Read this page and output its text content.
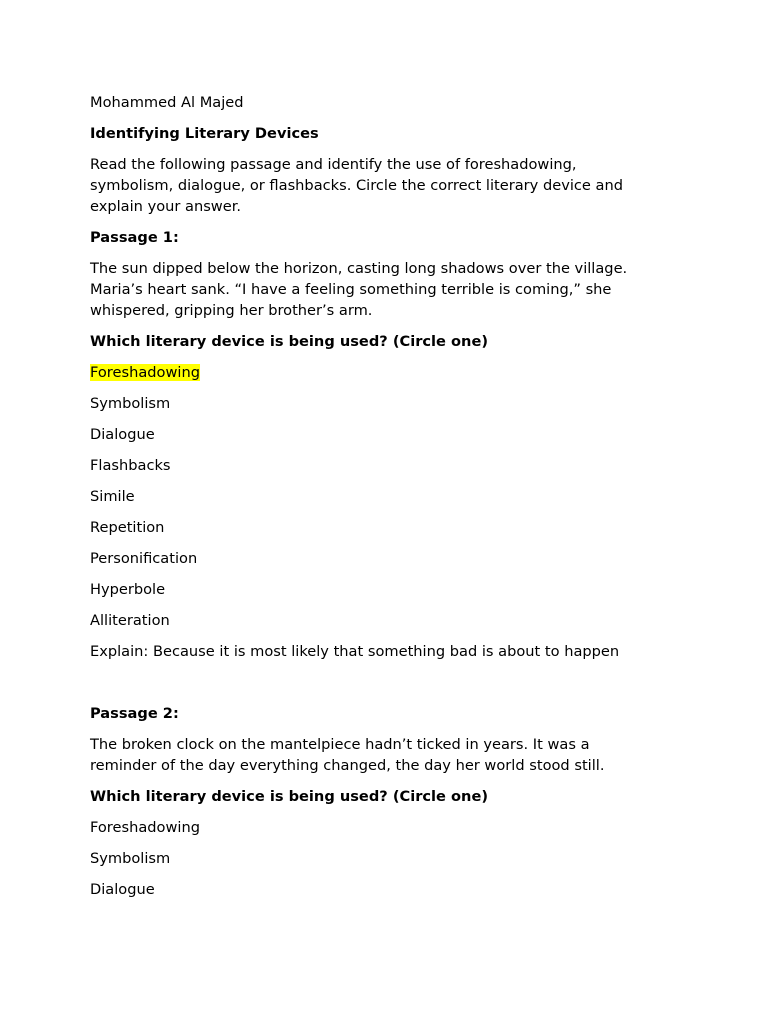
Mohammed Al Majed

Identifying Literary Devices

Read the following passage and identify the use of foreshadowing, symbolism, dialogue, or flashbacks. Circle the correct literary device and explain your answer.

Passage 1:

The sun dipped below the horizon, casting long shadows over the village. Maria’s heart sank. “I have a feeling something terrible is coming,” she whispered, gripping her brother’s arm.

Which literary device is being used? (Circle one)

Foreshadowing

Symbolism

Dialogue

Flashbacks

Simile

Repetition

Personification

Hyperbole

Alliteration

Explain: Because it is most likely that something bad is about to happen

Passage 2:

The broken clock on the mantelpiece hadn’t ticked in years. It was a reminder of the day everything changed, the day her world stood still.

Which literary device is being used? (Circle one)

Foreshadowing

Symbolism

Dialogue
